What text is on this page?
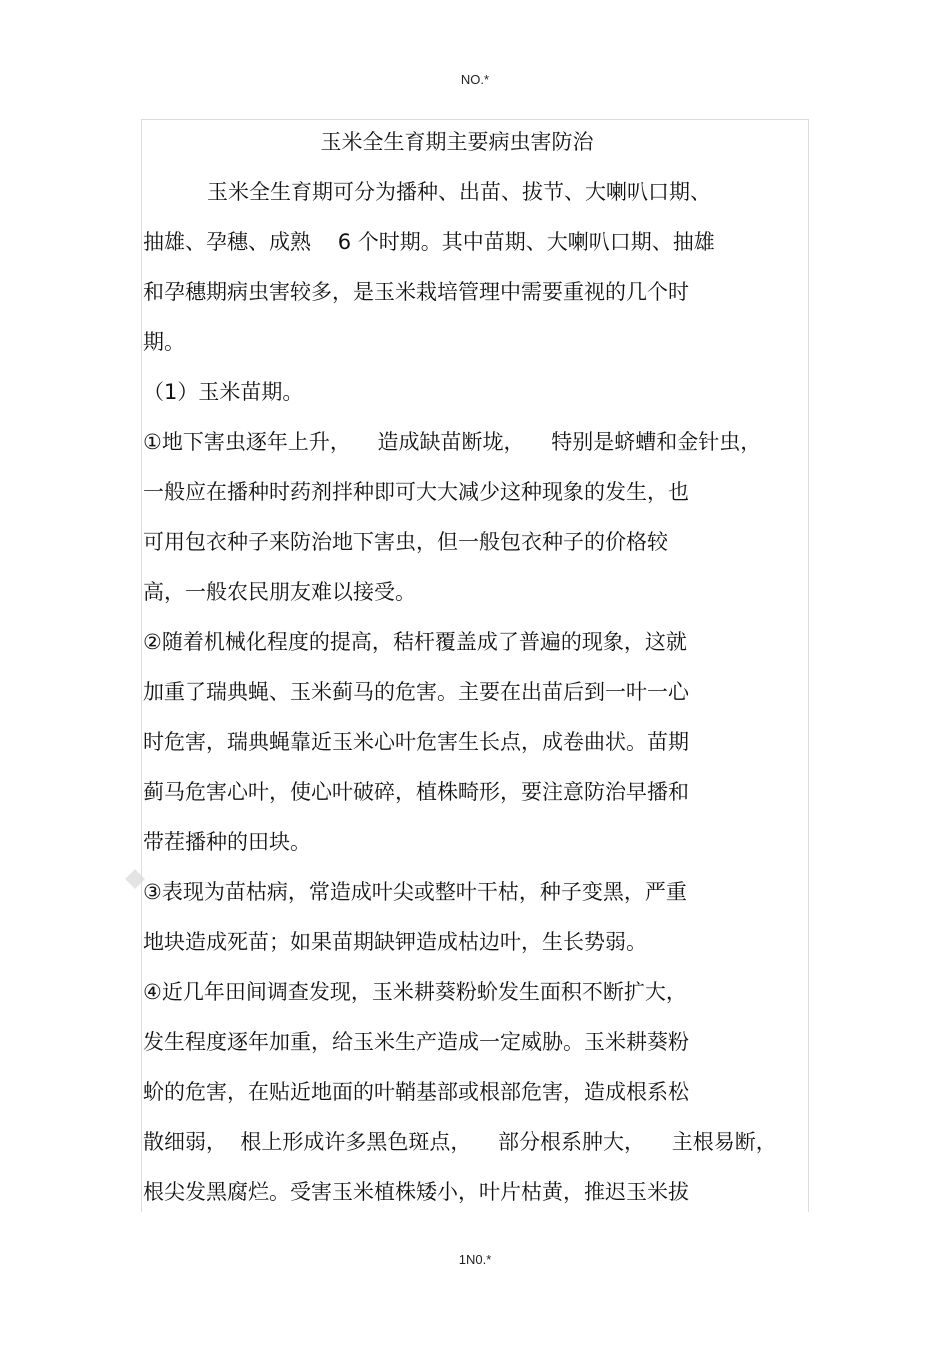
NO.*
玉米全生育期主要病虫害防治
玉米全生育期可分为播种、出苗、拔节、大喇叭口期、
抽雄、孕穗、成熟    6 个时期。其中苗期、大喇叭口期、抽雄
和孕穗期病虫害较多，是玉米栽培管理中需要重视的几个时
期。
（1）玉米苗期。
①地下害虫逐年上升，    造成缺苗断垅，    特别是蛴螬和金针虫，
一般应在播种时药剂拌种即可大大减少这种现象的发生，也
可用包衣种子来防治地下害虫，但一般包衣种子的价格较
高，一般农民朋友难以接受。
②随着机械化程度的提高，秸杆覆盖成了普遍的现象，这就
加重了瑞典蝇、玉米蓟马的危害。主要在出苗后到一叶一心
时危害，瑞典蝇靠近玉米心叶危害生长点，成卷曲状。苗期
蓟马危害心叶，使心叶破碎，植株畸形，要注意防治早播和
带茬播种的田块。
③表现为苗枯病，常造成叶尖或整叶干枯，种子变黑，严重
地块造成死苗；如果苗期缺钾造成枯边叶，生长势弱。
④近几年田间调查发现，玉米耕葵粉蚧发生面积不断扩大，
发生程度逐年加重，给玉米生产造成一定威胁。玉米耕葵粉
蚧的危害，在贴近地面的叶鞘基部或根部危害，造成根系松
散细弱，  根上形成许多黑色斑点，    部分根系肿大，    主根易断，
根尖发黑腐烂。受害玉米植株矮小，叶片枯黄，推迟玉米拔
1N0.*
